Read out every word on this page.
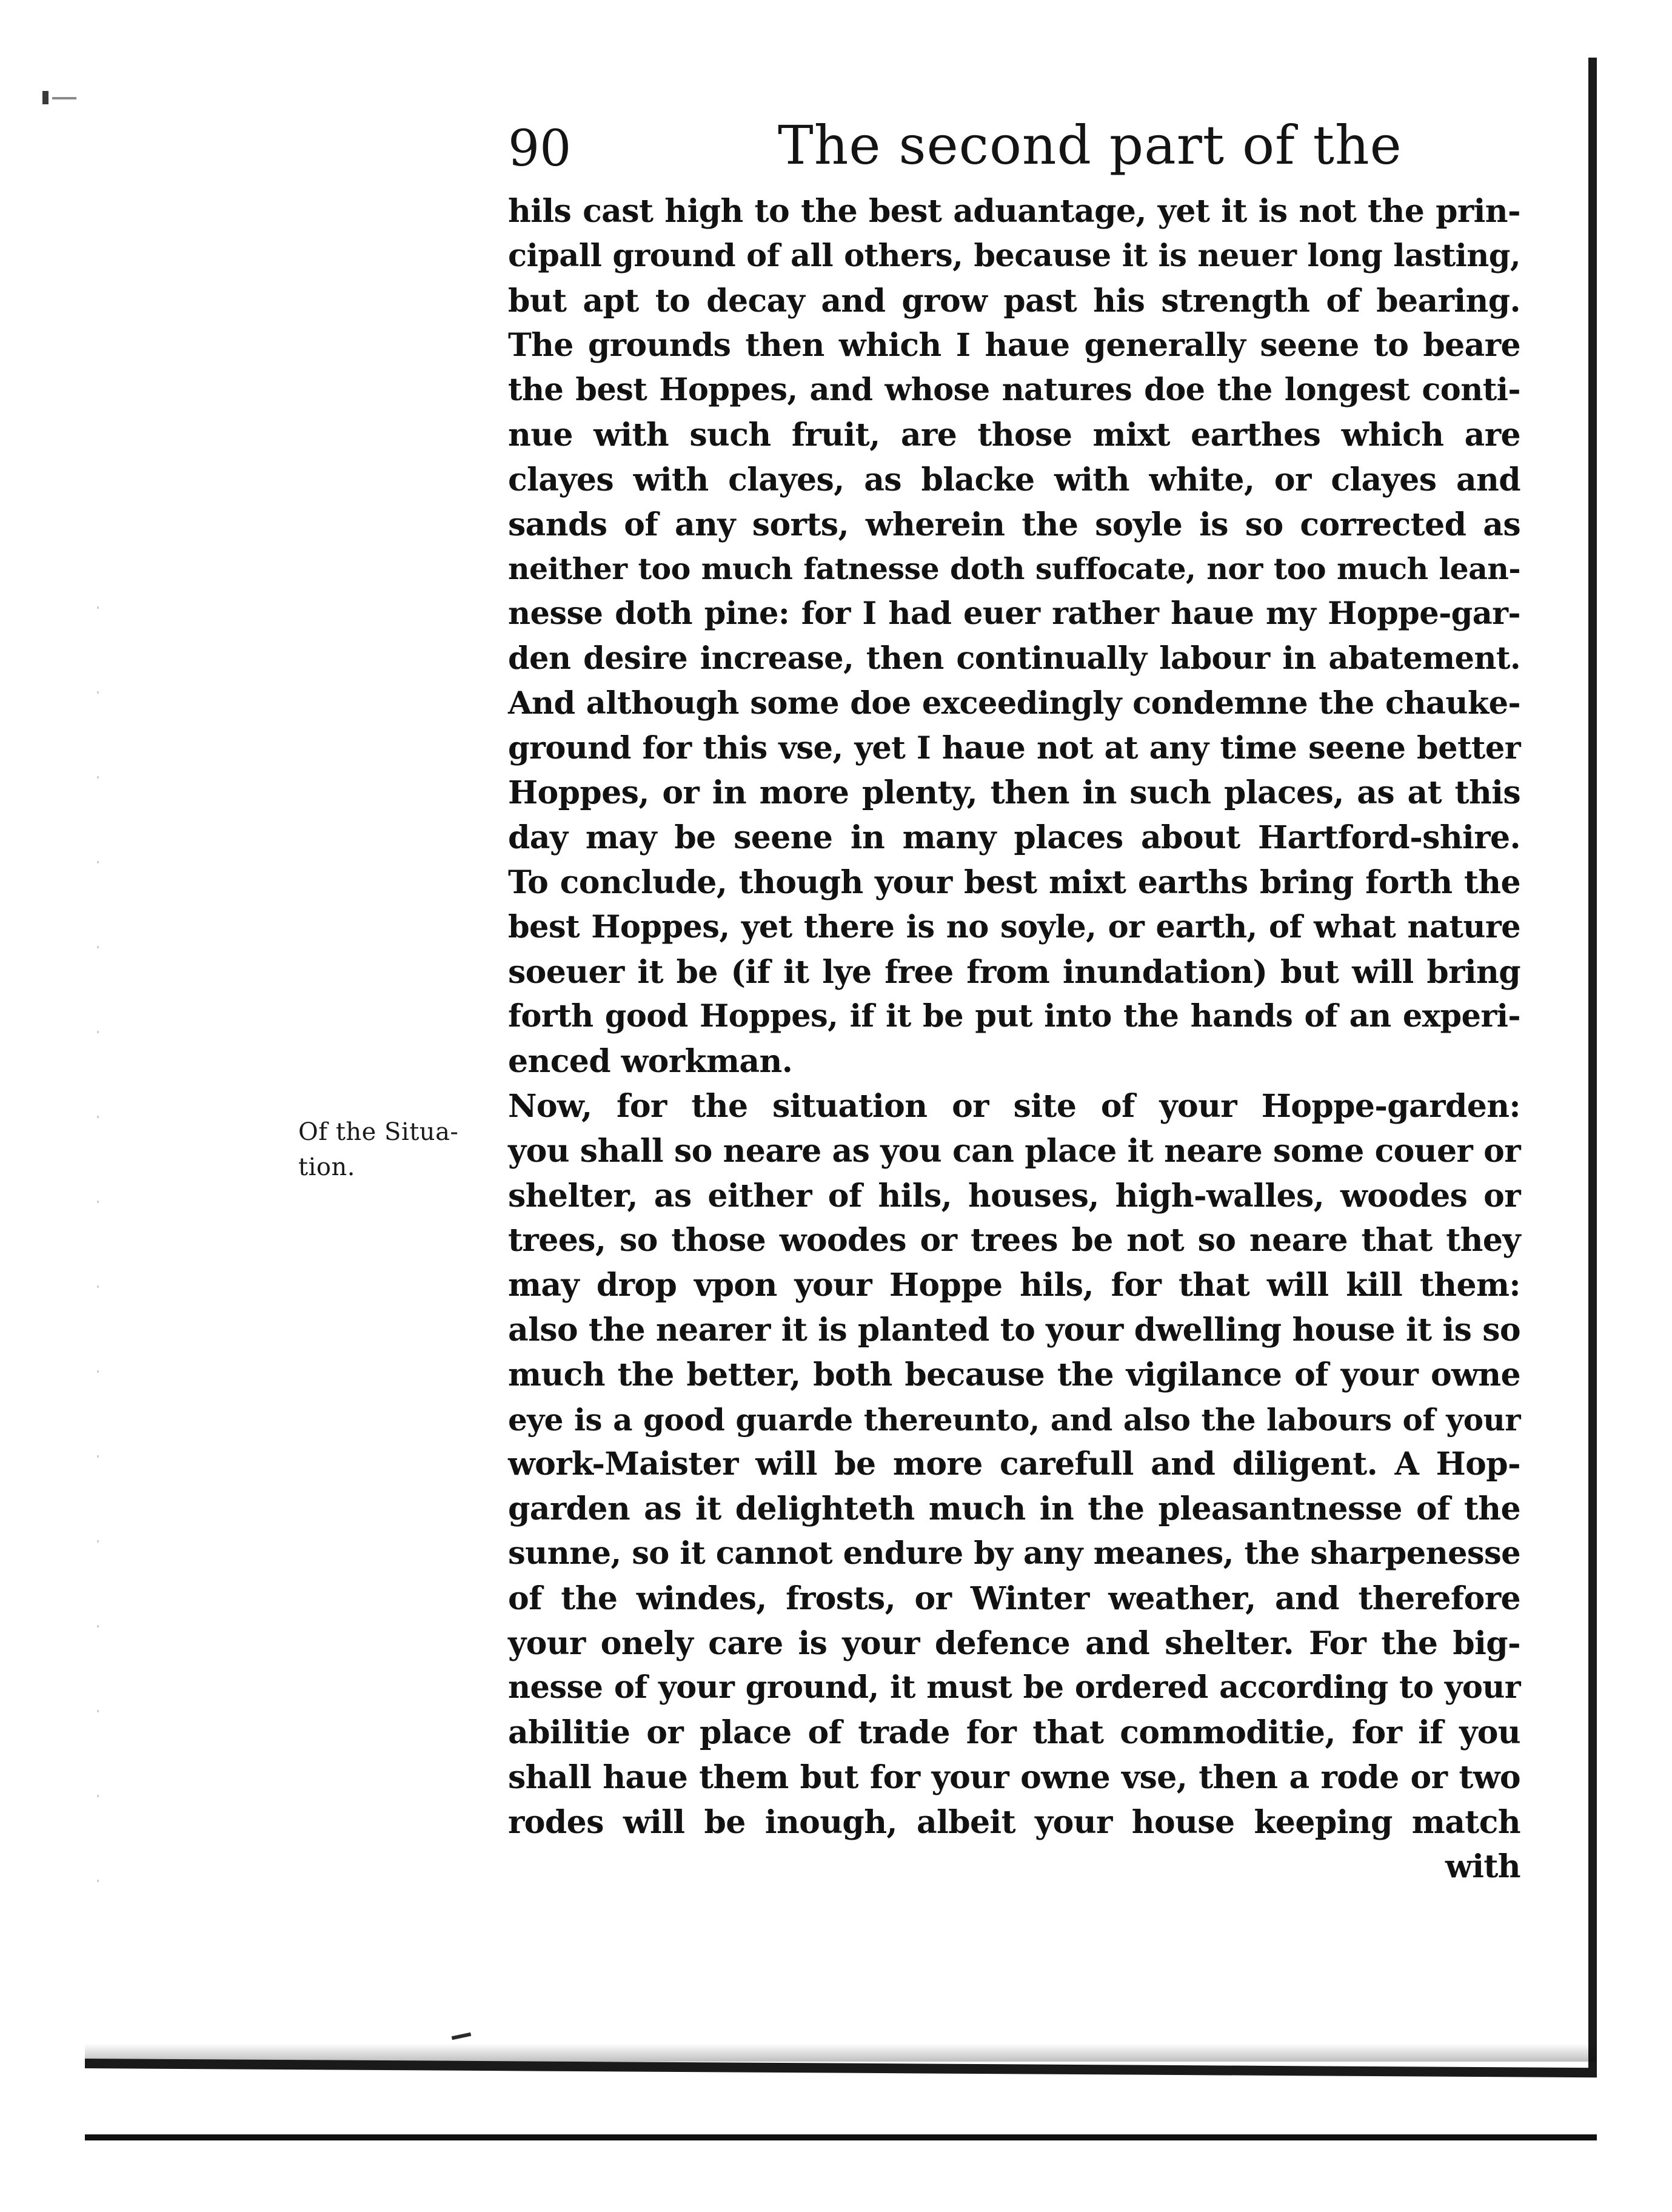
90	The second part of the
Of the Situa-
tion.
hils cast high to the best aduantage, yet it is not the prin-
cipall ground of all others, because it is neuer long lasting,
but apt to decay and grow past his strength of bearing.
The grounds then which I haue generally seene to beare
the best Hoppes, and whose natures doe the longest conti-
nue with such fruit, are those mixt earthes which are
clayes with clayes, as blacke with white, or clayes and
sands of any sorts, wherein the soyle is so corrected as
neither too much fatnesse doth suffocate, nor too much lean-
nesse doth pine: for I had euer rather haue my Hoppe-gar-
den desire increase, then continually labour in abatement.
And although some doe exceedingly condemne the chauke-
ground for this vse, yet I haue not at any time seene better
Hoppes, or in more plenty, then in such places, as at this
day may be seene in many places about Hartford-shire.
To conclude, though your best mixt earths bring forth the
best Hoppes, yet there is no soyle, or earth, of what nature
soeuer it be (if it lye free from inundation) but will bring
forth good Hoppes, if it be put into the hands of an experi-
enced workman.
Now, for the situation or site of your Hoppe-garden:
you shall so neare as you can place it neare some couer or
shelter, as either of hils, houses, high-walles, woodes or
trees, so those woodes or trees be not so neare that they
may drop vpon your Hoppe hils, for that will kill them:
also the nearer it is planted to your dwelling house it is so
much the better, both because the vigilance of your owne
eye is a good guarde thereunto, and also the labours of your
work-Maister will be more carefull and diligent. A Hop-
garden as it delighteth much in the pleasantnesse of the
sunne, so it cannot endure by any meanes, the sharpenesse
of the windes, frosts, or Winter weather, and therefore
your onely care is your defence and shelter. For the big-
nesse of your ground, it must be ordered according to your
abilitie or place of trade for that commoditie, for if you
shall haue them but for your owne vse, then a rode or two
rodes will be inough, albeit your house keeping match
with
